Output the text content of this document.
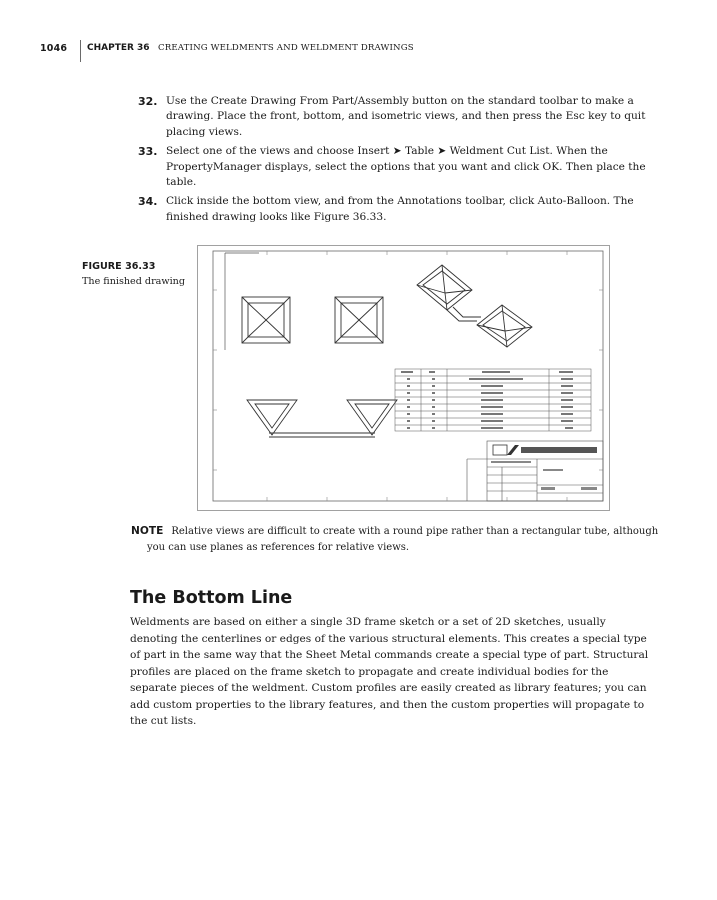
1046 CHAPTER 36 CREATING WELDMENTS AND WELDMENT DRAWINGS
32. Use the Create Drawing From Part/Assembly button on the standard toolbar to make a drawing. Place the front, bottom, and isometric views, and then press the Esc key to quit placing views.
33. Select one of the views and choose Insert ➤ Table ➤ Weldment Cut List. When the PropertyManager displays, select the options that you want and click OK. Then place the table.
34. Click inside the bottom view, and from the Annotations toolbar, click Auto-Balloon. The finished drawing looks like Figure 36.33.
FIGURE 36.33
The finished drawing
NOTE Relative views are difficult to create with a round pipe rather than a rectangular tube, although
you can use planes as references for relative views.
The Bottom Line
Weldments are based on either a single 3D frame sketch or a set of 2D sketches, usually denoting the centerlines or edges of the various structural elements. This creates a special type of part in the same way that the Sheet Metal commands create a special type of part. Structural profiles are placed on the frame sketch to propagate and create individual bodies for the separate pieces of the weldment. Custom profiles are easily created as library features; you can add custom properties to the library features, and then the custom properties will propagate to the cut lists.
